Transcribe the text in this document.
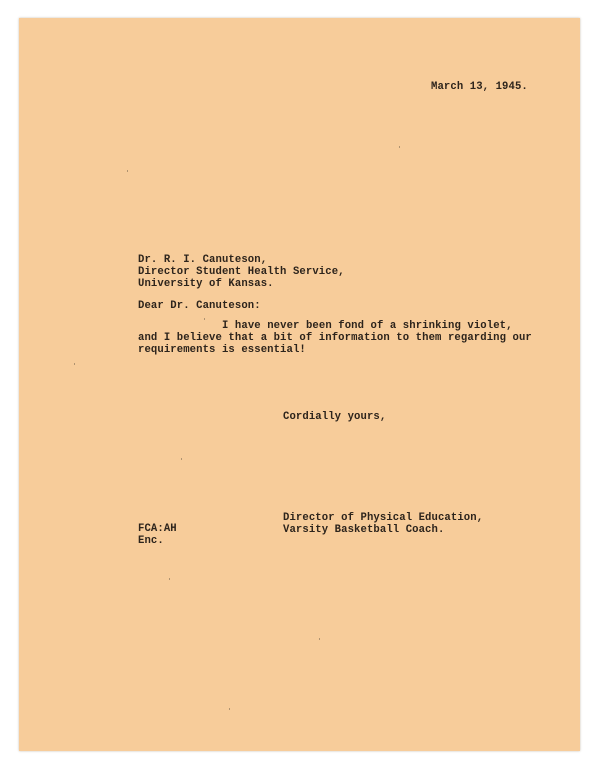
March 13, 1945.
Dr. R. I. Canuteson,
Director Student Health Service,
University of Kansas.
Dear Dr. Canuteson:
I have never been fond of a shrinking violet,
and I believe that a bit of information to them regarding our
requirements is essential!
Cordially yours,
Director of Physical Education,
Varsity Basketball Coach.
FCA:AH
Enc.
